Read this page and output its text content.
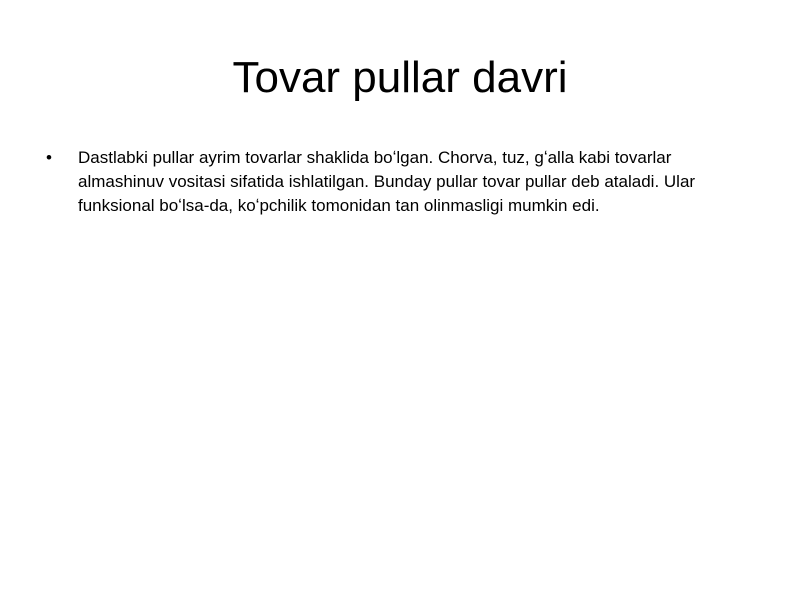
Tovar pullar davri
• Dastlabki pullar ayrim tovarlar shaklida boʻlgan. Chorva, tuz, gʻalla kabi tovarlar almashinuv vositasi sifatida ishlatilgan. Bunday pullar tovar pullar deb ataladi. Ular funksional boʻlsa-da, koʻpchilik tomonidan tan olinmasligi mumkin edi.
